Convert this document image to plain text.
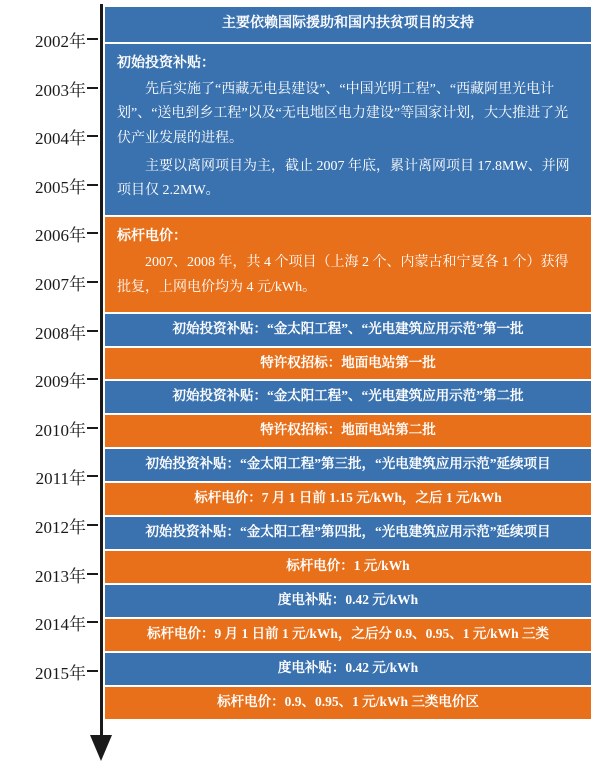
2002年
2003年
2004年
2005年
2006年
2007年
2008年
2009年
2010年
2011年
2012年
2013年
2014年
2015年
主要依赖国际援助和国内扶贫项目的支持
初始投资补贴：

先后实施了“西藏无电县建设”、“中国光明工程”、“西藏阿里光电计划”、“送电到乡工程”以及“无电地区电力建设”等国家计划，大大推进了光伏产业发展的进程。

主要以离网项目为主，截止 2007 年底，累计离网项目 17.8MW、并网项目仅 2.2MW。

标杆电价：

2007、2008 年，共 4 个项目（上海 2 个、内蒙古和宁夏各 1 个）获得批复，上网电价均为 4 元/kWh。

初始投资补贴：“金太阳工程”、“光电建筑应用示范”第一批
特许权招标：地面电站第一批
初始投资补贴：“金太阳工程”、“光电建筑应用示范”第二批
特许权招标：地面电站第二批
初始投资补贴：“金太阳工程”第三批，“光电建筑应用示范”延续项目
标杆电价：7 月 1 日前 1.15 元/kWh，之后 1 元/kWh
初始投资补贴：“金太阳工程”第四批，“光电建筑应用示范”延续项目
标杆电价：1 元/kWh
度电补贴：0.42 元/kWh
标杆电价：9 月 1 日前 1 元/kWh，之后分 0.9、0.95、1 元/kWh 三类
度电补贴：0.42 元/kWh
标杆电价：0.9、0.95、1 元/kWh 三类电价区
